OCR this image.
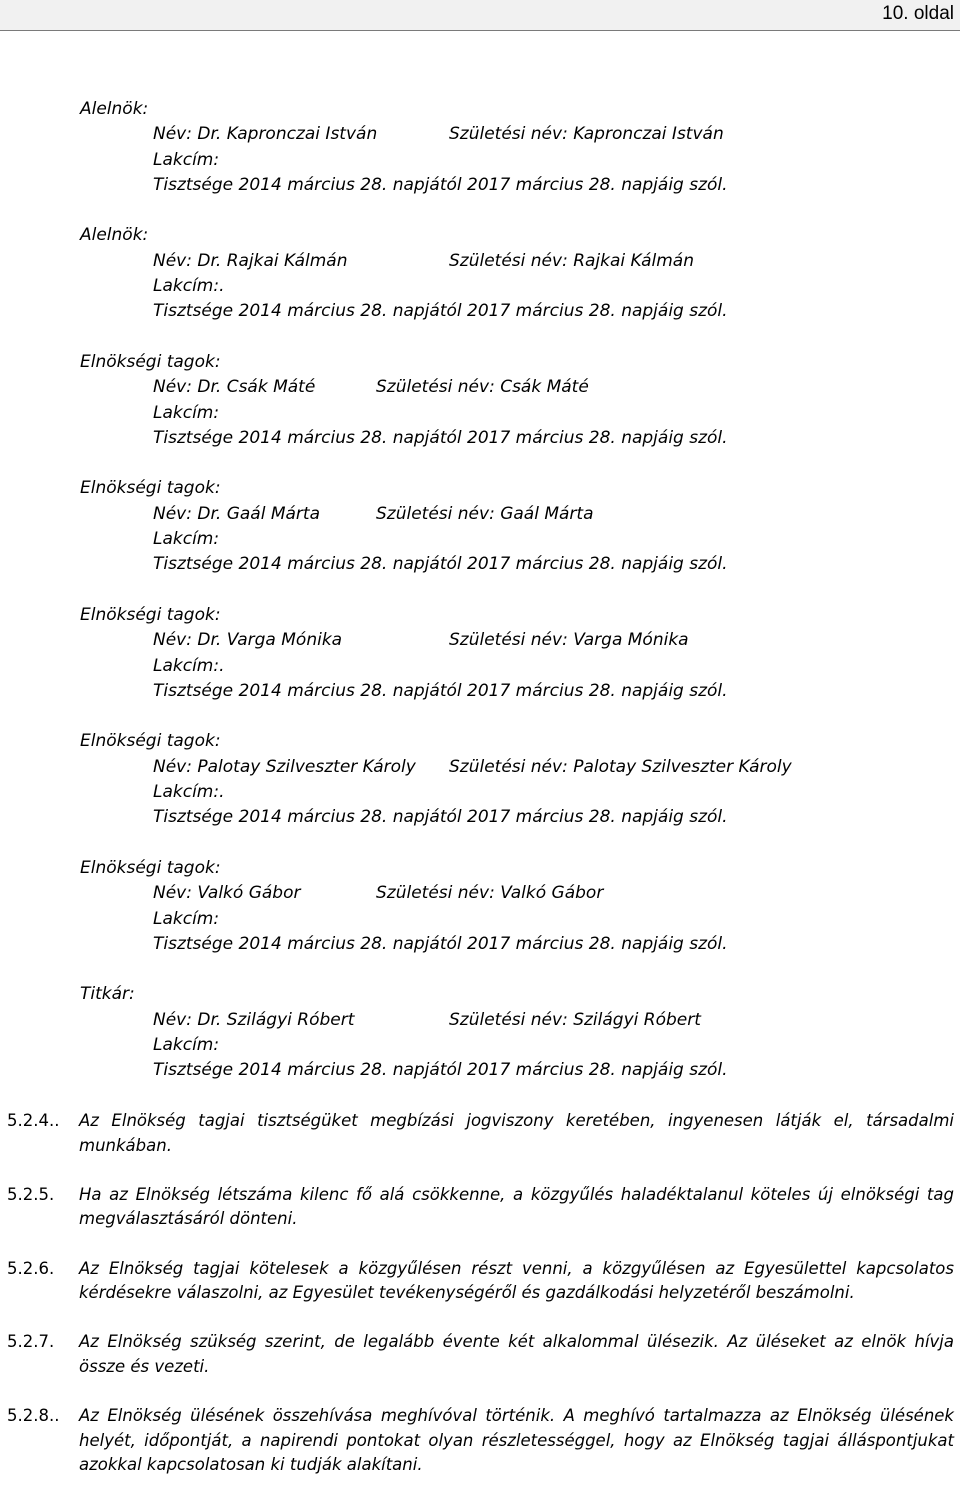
10. oldal
Alelnök:
Név: Dr. Kapronczai István	Születési név: Kapronczai István
Lakcím:
Tisztsége 2014 március 28. napjától 2017 március 28. napjáig szól.
Alelnök:
Név: Dr. Rajkai Kálmán	Születési név: Rajkai Kálmán
Lakcím:.
Tisztsége 2014 március 28. napjától 2017 március 28. napjáig szól.
Elnökségi tagok:
Név: Dr. Csák Máté	Születési név: Csák Máté
Lakcím:
Tisztsége 2014 március 28. napjától 2017 március 28. napjáig szól.
Elnökségi tagok:
Név: Dr. Gaál Márta	Születési név: Gaál Márta
Lakcím:
Tisztsége 2014 március 28. napjától 2017 március 28. napjáig szól.
Elnökségi tagok:
Név: Dr. Varga Mónika	Születési név: Varga Mónika
Lakcím:.
Tisztsége 2014 március 28. napjától 2017 március 28. napjáig szól.
Elnökségi tagok:
Név: Palotay Szilveszter Károly	Születési név: Palotay Szilveszter Károly
Lakcím:.
Tisztsége 2014 március 28. napjától 2017 március 28. napjáig szól.
Elnökségi tagok:
Név: Valkó Gábor	Születési név: Valkó Gábor
Lakcím:
Tisztsége 2014 március 28. napjától 2017 március 28. napjáig szól.
Titkár:
Név: Dr. Szilágyi Róbert	Születési név: Szilágyi Róbert
Lakcím:
Tisztsége 2014 március 28. napjától 2017 március 28. napjáig szól.
5.2.4..	Az Elnökség tagjai tisztségüket megbízási jogviszony keretében, ingyenesen látják el, társadalmi munkában.
5.2.5.	Ha az Elnökség létszáma kilenc fő alá csökkenne, a közgyűlés haladéktalanul köteles új elnökségi tag megválasztásáról dönteni.
5.2.6.	Az Elnökség tagjai kötelesek a közgyűlésen részt venni, a közgyűlésen az Egyesülettel kapcsolatos kérdésekre válaszolni, az Egyesület tevékenységéről és gazdálkodási helyzetéről beszámolni.
5.2.7.	Az Elnökség szükség szerint, de legalább évente két alkalommal ülésezik. Az üléseket az elnök hívja össze és vezeti.
5.2.8..	Az Elnökség ülésének összehívása meghívóval történik. A meghívó tartalmazza az Elnökség ülésének helyét, időpontját, a napirendi pontokat olyan részletességgel, hogy az Elnökség tagjai álláspontjukat azokkal kapcsolatosan ki tudják alakítani.
